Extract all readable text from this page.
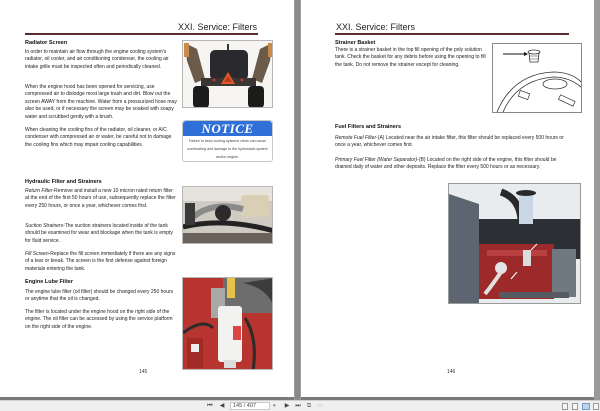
XXI. Service: Filters
Radiator Screen
In order to maintain air flow through the engine cooling system's radiator, oil cooler, and air conditioning condenser, the cooling air intake grille must be inspected often and periodically cleaned.
When the engine hood has been opened for servicing, use compressed air to dislodge most large trash and dirt. Blow out the screen AWAY from the machine. Water from a pressurized hose may also be used, or if necessary the screen may be soaked with soapy water and scrubbed gently with a brush.
When cleaning the cooling fins of the radiator, oil cleaner, or A/C condenser with compressed air or water, be careful not to damage the cooling fins which may impair cooling capabilities.
NOTICE
Failure to keep cooling systems clean can cause overheating and damage to the hydrostatic system and/or engine.
Hydraulic Filter and Strainers
Return Filter-Remove and install a new 10 micron rated return filter at the end of the first 50 hours of use, subsequently replace the filter every 250 hours, or once a year, whichever comes first.
Suction Strainers-The suction strainers located inside of the tank should be examined for wear and blockage when the tank is empty for fluid service.
Fill Screen-Replace the fill screen immediately if there are any signs of a tear or break. The screen is the first defense against foreign materials entering the tank.
Engine Lube Filter
The engine lube filter (oil filter) should be changed every 250 hours or anytime that the oil is changed.
The filter is located under the engine hood on the right side of the engine. The oil filter can be accessed by using the service platform on the right side of the engine.
145
XXI. Service: Filters
Strainer Basket
There is a strainer basket in the top fill opening of the poly solution tank. Check the basket for any debris before using the opening to fill the tank. Do not remove the strainer except for cleaning.
Fuel Filters and Strainers
Remote Fuel Filter-(A) Located near the air intake filter, this filter should be replaced every 500 hours or once a year, whichever comes first.
Primary Fuel Filter (Water Separator)-(B) Located on the right side of the engine, this filter should be drained daily of water and other deposits. Replace the filter every 500 hours or as necessary.
146
⏮ ◀	145 / 407	▾	▶ ⏭	⧉	▭
